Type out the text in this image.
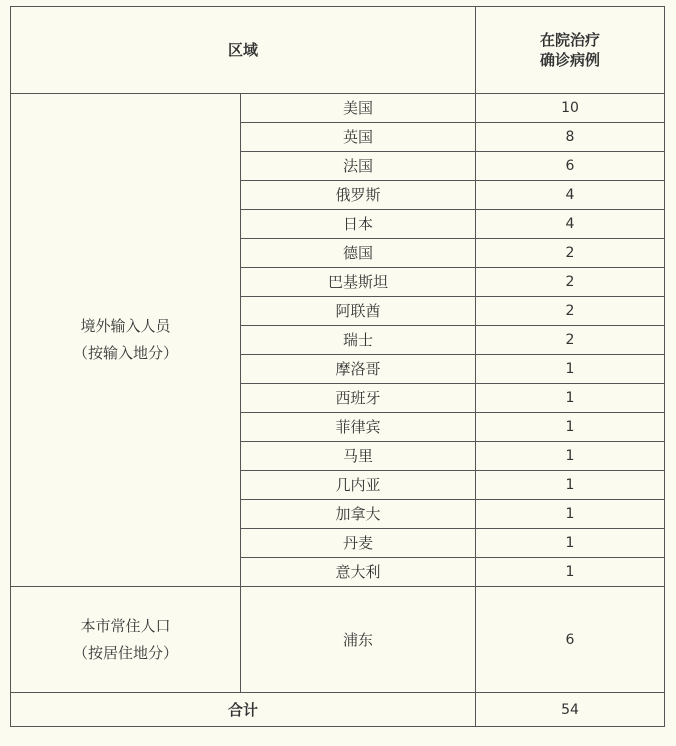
区域		在院治疗
确诊病例

境外输入人员
（按输入地分）	美国	10
	英国	8
	法国	6
	俄罗斯	4
	日本	4
	德国	2
	巴基斯坦	2
	阿联酋	2
	瑞士	2
	摩洛哥	1
	西班牙	1
	菲律宾	1
	马里	1
	几内亚	1
	加拿大	1
	丹麦	1
	意大利	1

本市常住人口
（按居住地分）	浦东	6
合计		54
